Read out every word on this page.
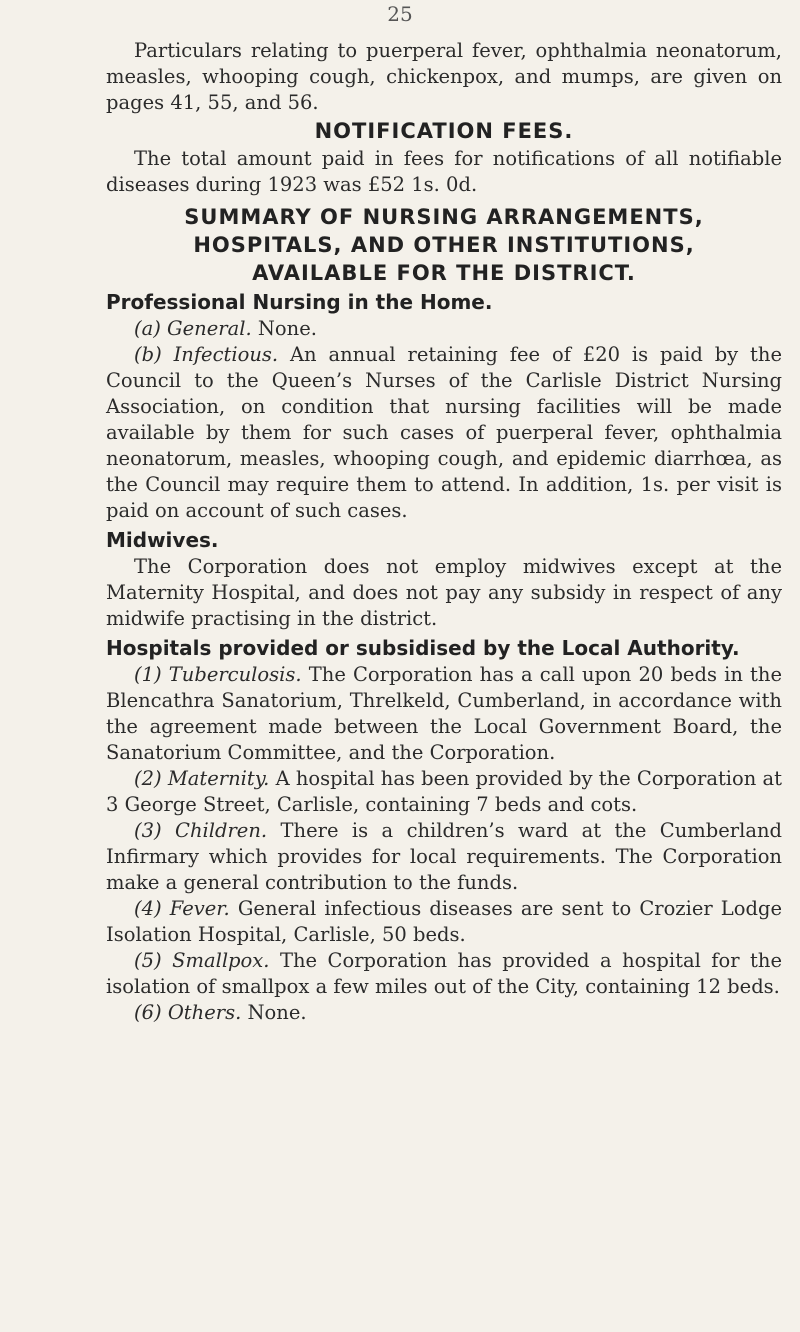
25

Particulars relating to puerperal fever, ophthalmia neonatorum, measles, whooping cough, chickenpox, and mumps, are given on pages 41, 55, and 56.

NOTIFICATION FEES.

The total amount paid in fees for notifications of all notifiable diseases during 1923 was £52 1s. 0d.

SUMMARY OF NURSING ARRANGEMENTS,
HOSPITALS, AND OTHER INSTITUTIONS,
AVAILABLE FOR THE DISTRICT.
Professional Nursing in the Home.

(a) General. None.

(b) Infectious. An annual retaining fee of £20 is paid by the Council to the Queen’s Nurses of the Carlisle District Nursing Association, on condition that nursing facilities will be made available by them for such cases of puerperal fever, ophthalmia neonatorum, measles, whooping cough, and epidemic diarrhœa, as the Council may require them to attend. In addition, 1s. per visit is paid on account of such cases.

Midwives.

The Corporation does not employ midwives except at the Maternity Hospital, and does not pay any subsidy in respect of any midwife practising in the district.

Hospitals provided or subsidised by the Local Authority.

(1) Tuberculosis. The Corporation has a call upon 20 beds in the Blencathra Sanatorium, Threlkeld, Cumberland, in accordance with the agreement made between the Local Government Board, the Sanatorium Committee, and the Corporation.

(2) Maternity. A hospital has been provided by the Corporation at 3 George Street, Carlisle, containing 7 beds and cots.

(3) Children. There is a children’s ward at the Cumberland Infirmary which provides for local requirements. The Corporation make a general contribution to the funds.

(4) Fever. General infectious diseases are sent to Crozier Lodge Isolation Hospital, Carlisle, 50 beds.

(5) Smallpox. The Corporation has provided a hospital for the isolation of smallpox a few miles out of the City, containing 12 beds.

(6) Others. None.
